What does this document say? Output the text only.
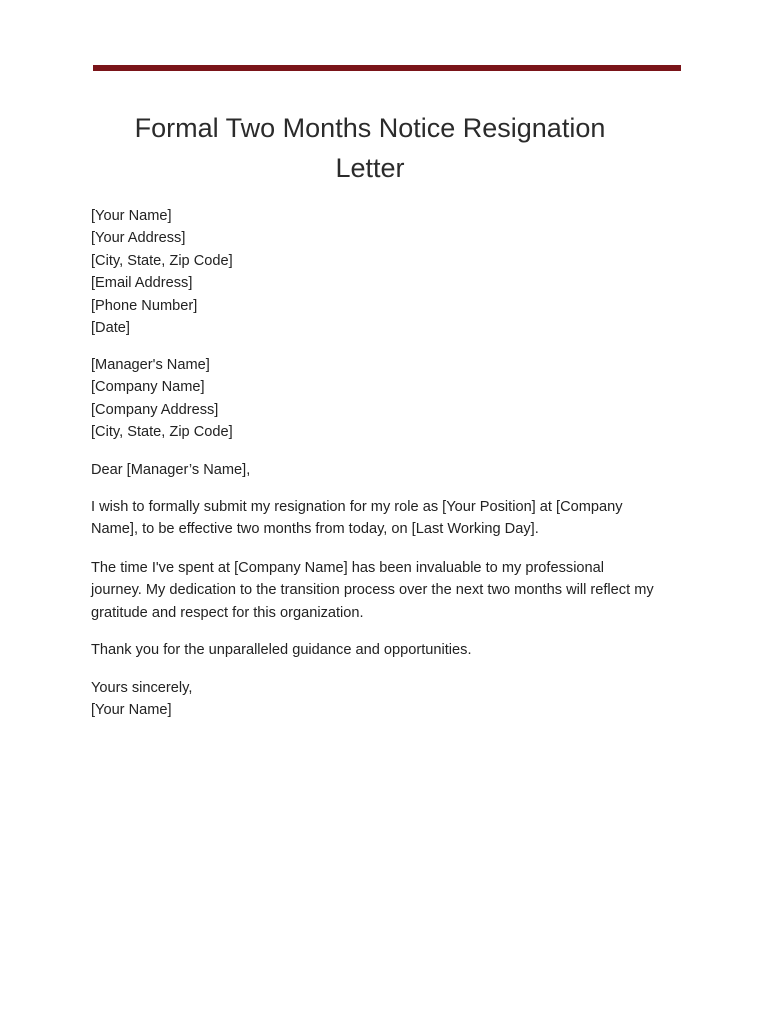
Formal Two Months Notice Resignation Letter
[Your Name]
[Your Address]
[City, State, Zip Code]
[Email Address]
[Phone Number]
[Date]
[Manager's Name]
[Company Name]
[Company Address]
[City, State, Zip Code]
Dear [Manager’s Name],
I wish to formally submit my resignation for my role as [Your Position] at [Company Name], to be effective two months from today, on [Last Working Day].
The time I've spent at [Company Name] has been invaluable to my professional journey. My dedication to the transition process over the next two months will reflect my gratitude and respect for this organization.
Thank you for the unparalleled guidance and opportunities.
Yours sincerely,
[Your Name]
